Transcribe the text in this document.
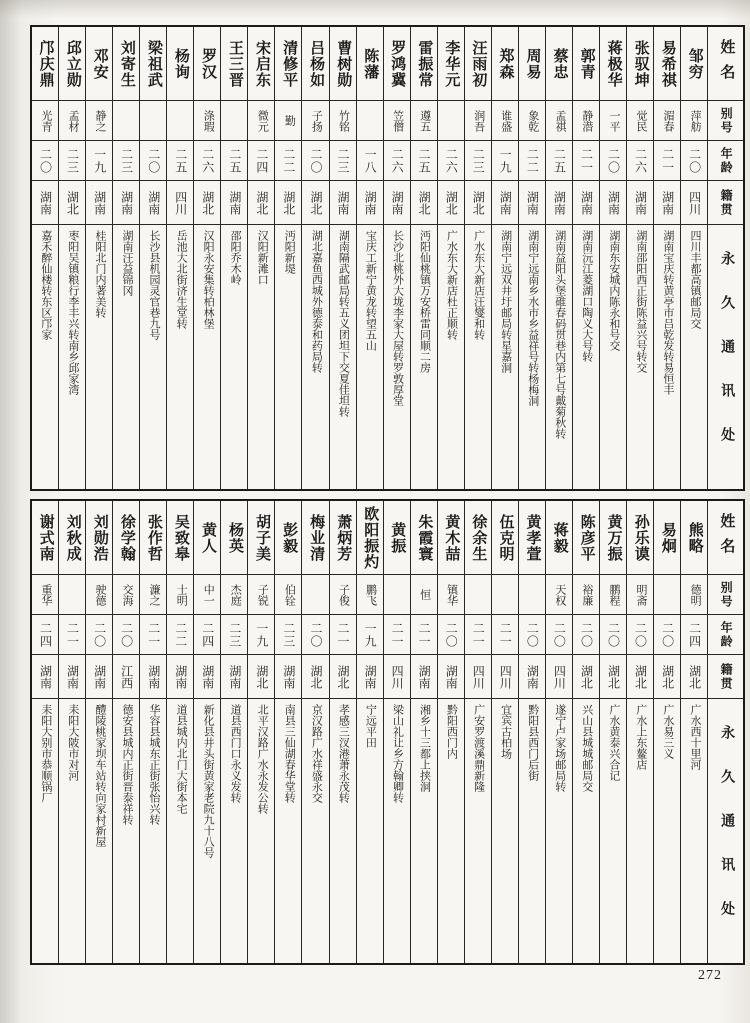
邝庆鼎
光青
二〇
湖南
嘉禾醉仙楼转东区邝家
邱立勋
孟材
二三
湖北
枣阳吴镇粮行李丰兴转南乡邱家湾
邓安
静之
一九
湖南
桂阳北门内著美转
刘寄生
二三
湖南
湖南汪益锦冈
梁祖武
二〇
湖南
长沙县机园灵官巷九号
杨询
二五
四川
岳池大北街济生堂转
罗汉
涤瑕
二六
湖北
汉阳永安集转柏林堡
王三晋
二五
湖南
邵阳乔木岭
宋启东
微元
二四
湖北
汉阳新滩口
清修平
勤
二二
湖北
沔阳新堤
吕杨如
子扬
二〇
湖北
湖北嘉鱼西城外德泰和药局转
曹树勋
竹铭
二三
湖南
湖南隔武邮局转五义团坦下交夏佳坦转
陈藩
一八
湖南
宝庆工新宁黄龙转望五山
罗鸿冀
笠僧
二六
湖南
长沙北桃外大垅李家大屋转罗敦厚堂
雷振常
遵五
二五
湖北
沔阳仙桃镇万安桥雷同顺二房
李华元
二六
湖北
广水东大新店杜正顺转
汪雨初
润吾
二三
湖北
广水东大新店汪燮和转
郑森
谁盛
一九
湖南
湖南宁远双井圩邮局转星嘉洞
周易
象乾
二二
湖南
湖南宁远南乡水市乡益祥号转杨梅洞
蔡忠
孟祺
二五
湖南
湖南益阳头堡碓春码贯巷内第七号戴菊秋转
郭青
静潜
二一
湖南
湖南沅江菱湖口陶义大号转
蒋极华
一平
二〇
湖南
湖南东安城内陈永和号交
张驭坤
觉民
二六
湖南
湖南邵阳西正街陈益兴号转交
易希祺
湄春
二一
湖南
湖南宝庆转黄亭市吕乾发转易恒丰
邹穷
萍舫
二〇
四川
四川丰都高镇邮局交
姓名
别号
年龄
籍贯
永久通讯处
谢式南
重华
二四
湖南
耒阳大别市恭顺锅厂
刘秋成
二一
湖南
耒阳大陂市对河
刘勋浩
驶德
二〇
湖南
醴陵桃家坝车站转向家村新屋
徐学翰
交海
二〇
江西
德安县城内正街晋泰祥转
张作哲
濂之
二一
湖南
华容县城东正街张怡兴转
吴致皋
士明
二二
湖南
道县城内北门大街本宅
黄人
中一
二四
湖南
新化县井头街黄家老院九十八号
杨英
杰庭
二三
湖南
道县西门口永义发转
胡子美
子锐
一九
湖北
北平汉路广水永发公转
彭毅
伯铨
二三
湖南
南县三仙湖春华堂转
梅业清
二〇
湖北
京汉路广水祥盛永交
萧炳芳
子俊
二一
湖北
孝感三汊港萧永茂转
欧阳振灼
鹏飞
一九
湖南
宁远平田
黄振
二一
四川
梁山礼让乡方翰卿转
朱霞寰
恒
二一
湖南
湘乡十三都上挟洞
黄木喆
镇华
二〇
湖南
黔阳西门内
徐余生
二一
四川
广安罗渡溪鼎新隆
伍克明
二一
四川
宜宾古柏场
黄孝萱
二〇
湖南
黔阳县西门后街
蒋毅
天权
二〇
四川
遂宁卢家场邮局转
陈彦平
裕廉
二〇
湖北
兴山县城城邮局交
黄万振
鹏程
二〇
湖北
广水黄泰兴合记
孙乐谟
明斋
二〇
湖北
广水上东鳌店
易炯
二〇
湖北
广水易三义
熊略
德明
二四
湖北
广水西十里河
姓名
别号
年龄
籍贯
永久通讯处
272
